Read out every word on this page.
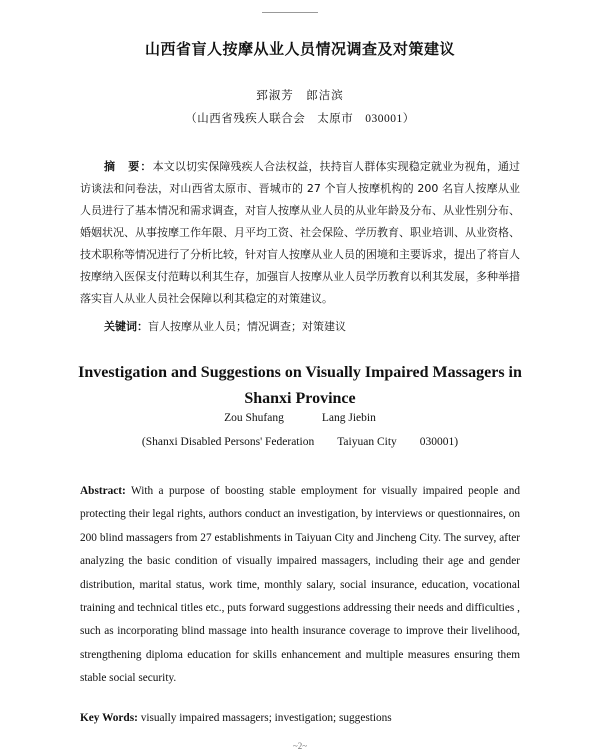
山西省盲人按摩从业人员情况调查及对策建议
郅淑芳　郎洁滨
（山西省残疾人联合会　太原市　030001）
摘　要：本文以切实保障残疾人合法权益，扶持盲人群体实现稳定就业为视角，通过访谈法和问卷法，对山西省太原市、晋城市的 27 个盲人按摩机构的 200 名盲人按摩从业人员进行了基本情况和需求调查，对盲人按摩从业人员的从业年龄及分布、从业性别分布、婚姻状况、从事按摩工作年限、月平均工资、社会保险、学历教育、职业培训、从业资格、技术职称等情况进行了分析比较，针对盲人按摩从业人员的困境和主要诉求，提出了将盲人按摩纳入医保支付范畴以利其生存，加强盲人按摩从业人员学历教育以利其发展，多种举措落实盲人从业人员社会保障以利其稳定的对策建议。
关键词：盲人按摩从业人员；情况调查；对策建议
Investigation and Suggestions on Visually Impaired Massagers in Shanxi Province
Zou Shufang	Lang Jiebin
(Shanxi Disabled Persons' Federation　　Taiyuan City　　030001)
Abstract: With a purpose of boosting stable employment for visually impaired people and protecting their legal rights, authors conduct an investigation, by interviews or questionnaires, on 200 blind massagers from 27 establishments in Taiyuan City and Jincheng City. The survey, after analyzing the basic condition of visually impaired massagers, including their age and gender distribution, marital status, work time, monthly salary, social insurance, education, vocational training and technical titles etc., puts forward suggestions addressing their needs and difficulties , such as incorporating blind massage into health insurance coverage to improve their livelihood, strengthening diploma education for skills enhancement and multiple measures ensuring them stable social security.
Key Words: visually impaired massagers; investigation; suggestions
~2~
